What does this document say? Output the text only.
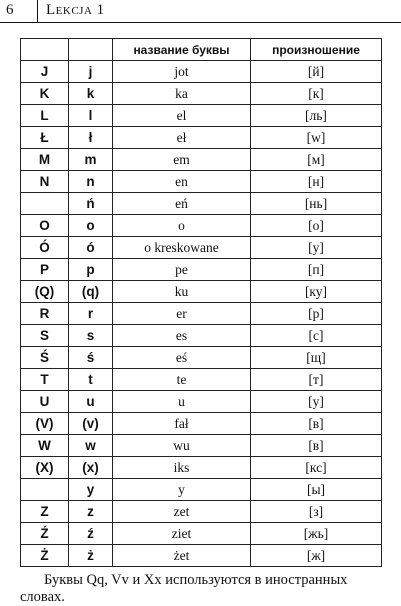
6 Lekcja 1
		название буквы	произношение
J	j	jot	[й]
K	k	ka	[к]
L	l	el	[ль]
Ł	ł	eł	[w]
M	m	em	[м]
N	n	en	[н]
	ń	eń	[нь]
O	o	o	[о]
Ó	ó	o kreskowane	[у]
P	p	pe	[п]
(Q)	(q)	ku	[ку]
R	r	er	[р]
S	s	es	[с]
Ś	ś	eś	[щ]
T	t	te	[т]
U	u	u	[у]
(V)	(v)	fał	[в]
W	w	wu	[в]
(X)	(x)	iks	[кс]
	y	y	[ы]
Z	z	zet	[з]
Ź	ź	ziet	[жь]
Ż	ż	żet	[ж]

Буквы Qq, Vv и Xx используются в иностранных словах.
